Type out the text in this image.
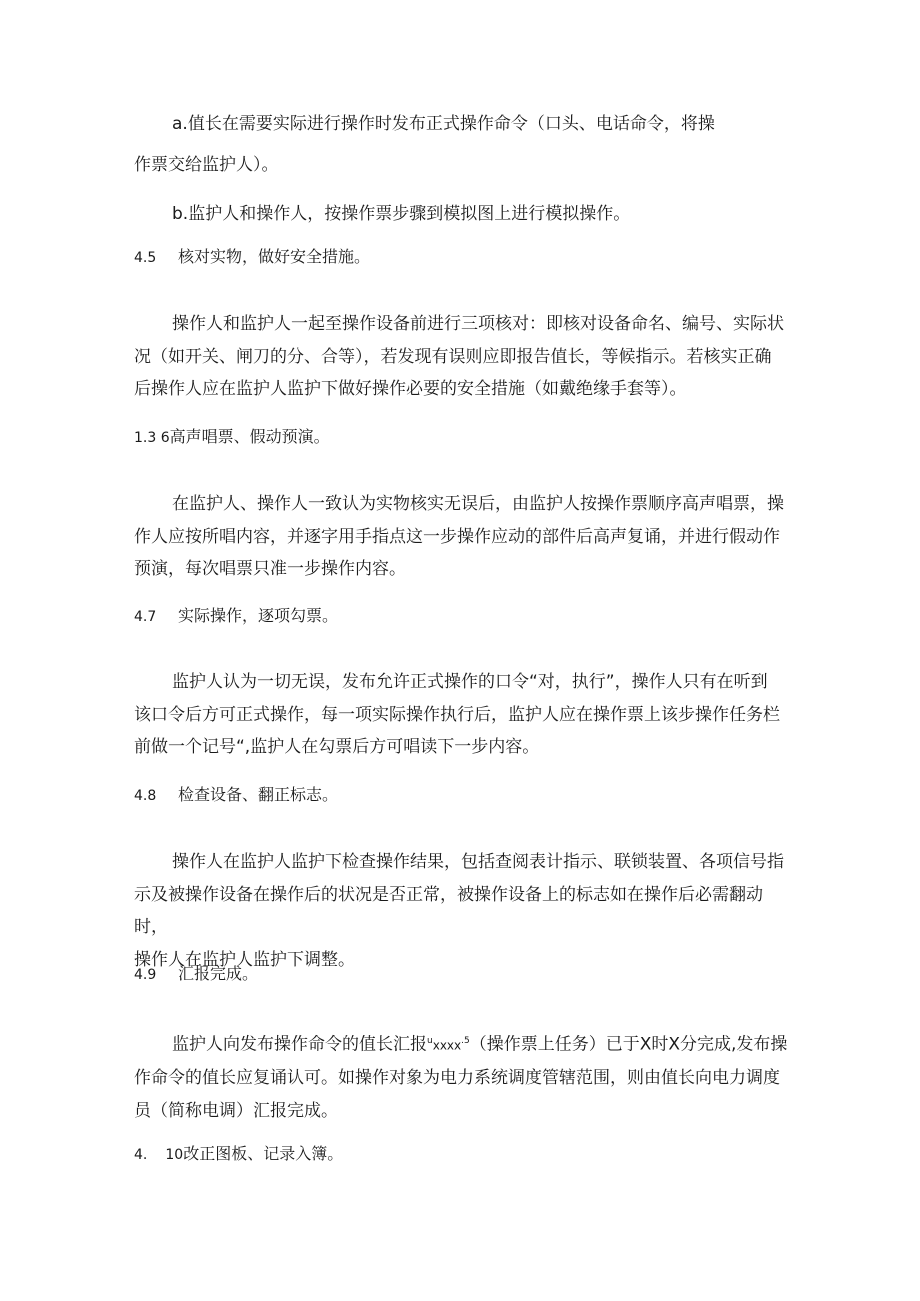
a.值长在需要实际进行操作时发布正式操作命令（口头、电话命令，将操
作票交给监护人）。
b.监护人和操作人，按操作票步骤到模拟图上进行模拟操作。
4.5 核对实物，做好安全措施。

操作人和监护人一起至操作设备前进行三项核对：即核对设备命名、编号、实际状

况（如开关、闸刀的分、合等），若发现有误则应即报告值长，等候指示。若核实正确

后操作人应在监护人监护下做好操作必要的安全措施（如戴绝缘手套等）。

1.3 6高声唱票、假动预演。

在监护人、操作人一致认为实物核实无误后，由监护人按操作票顺序高声唱票，操

作人应按所唱内容，并逐字用手指点这一步操作应动的部件后高声复诵，并进行假动作

预演，每次唱票只准一步操作内容。

4.7 实际操作，逐项勾票。

监护人认为一切无误，发布允许正式操作的口令“对，执行”，操作人只有在听到

该口令后方可正式操作，每一项实际操作执行后，监护人应在操作票上该步操作任务栏

前做一个记号“,监护人在勾票后方可唱读下一步内容。

4.8 检查设备、翻正标志。

操作人在监护人监护下检查操作结果，包括查阅表计指示、联锁装置、各项信号指

示及被操作设备在操作后的状况是否正常，被操作设备上的标志如在操作后必需翻动时，

操作人在监护人监护下调整。

4.9 汇报完成。

监护人向发布操作命令的值长汇报$^u$xxxx$^{.5}$（操作票上任务）已于X时X分完成,发布操

作命令的值长应复诵认可。如操作对象为电力系统调度管辖范围，则由值长向电力调度

员（简称电调）汇报完成。

4. 10改正图板、记录入簿。
